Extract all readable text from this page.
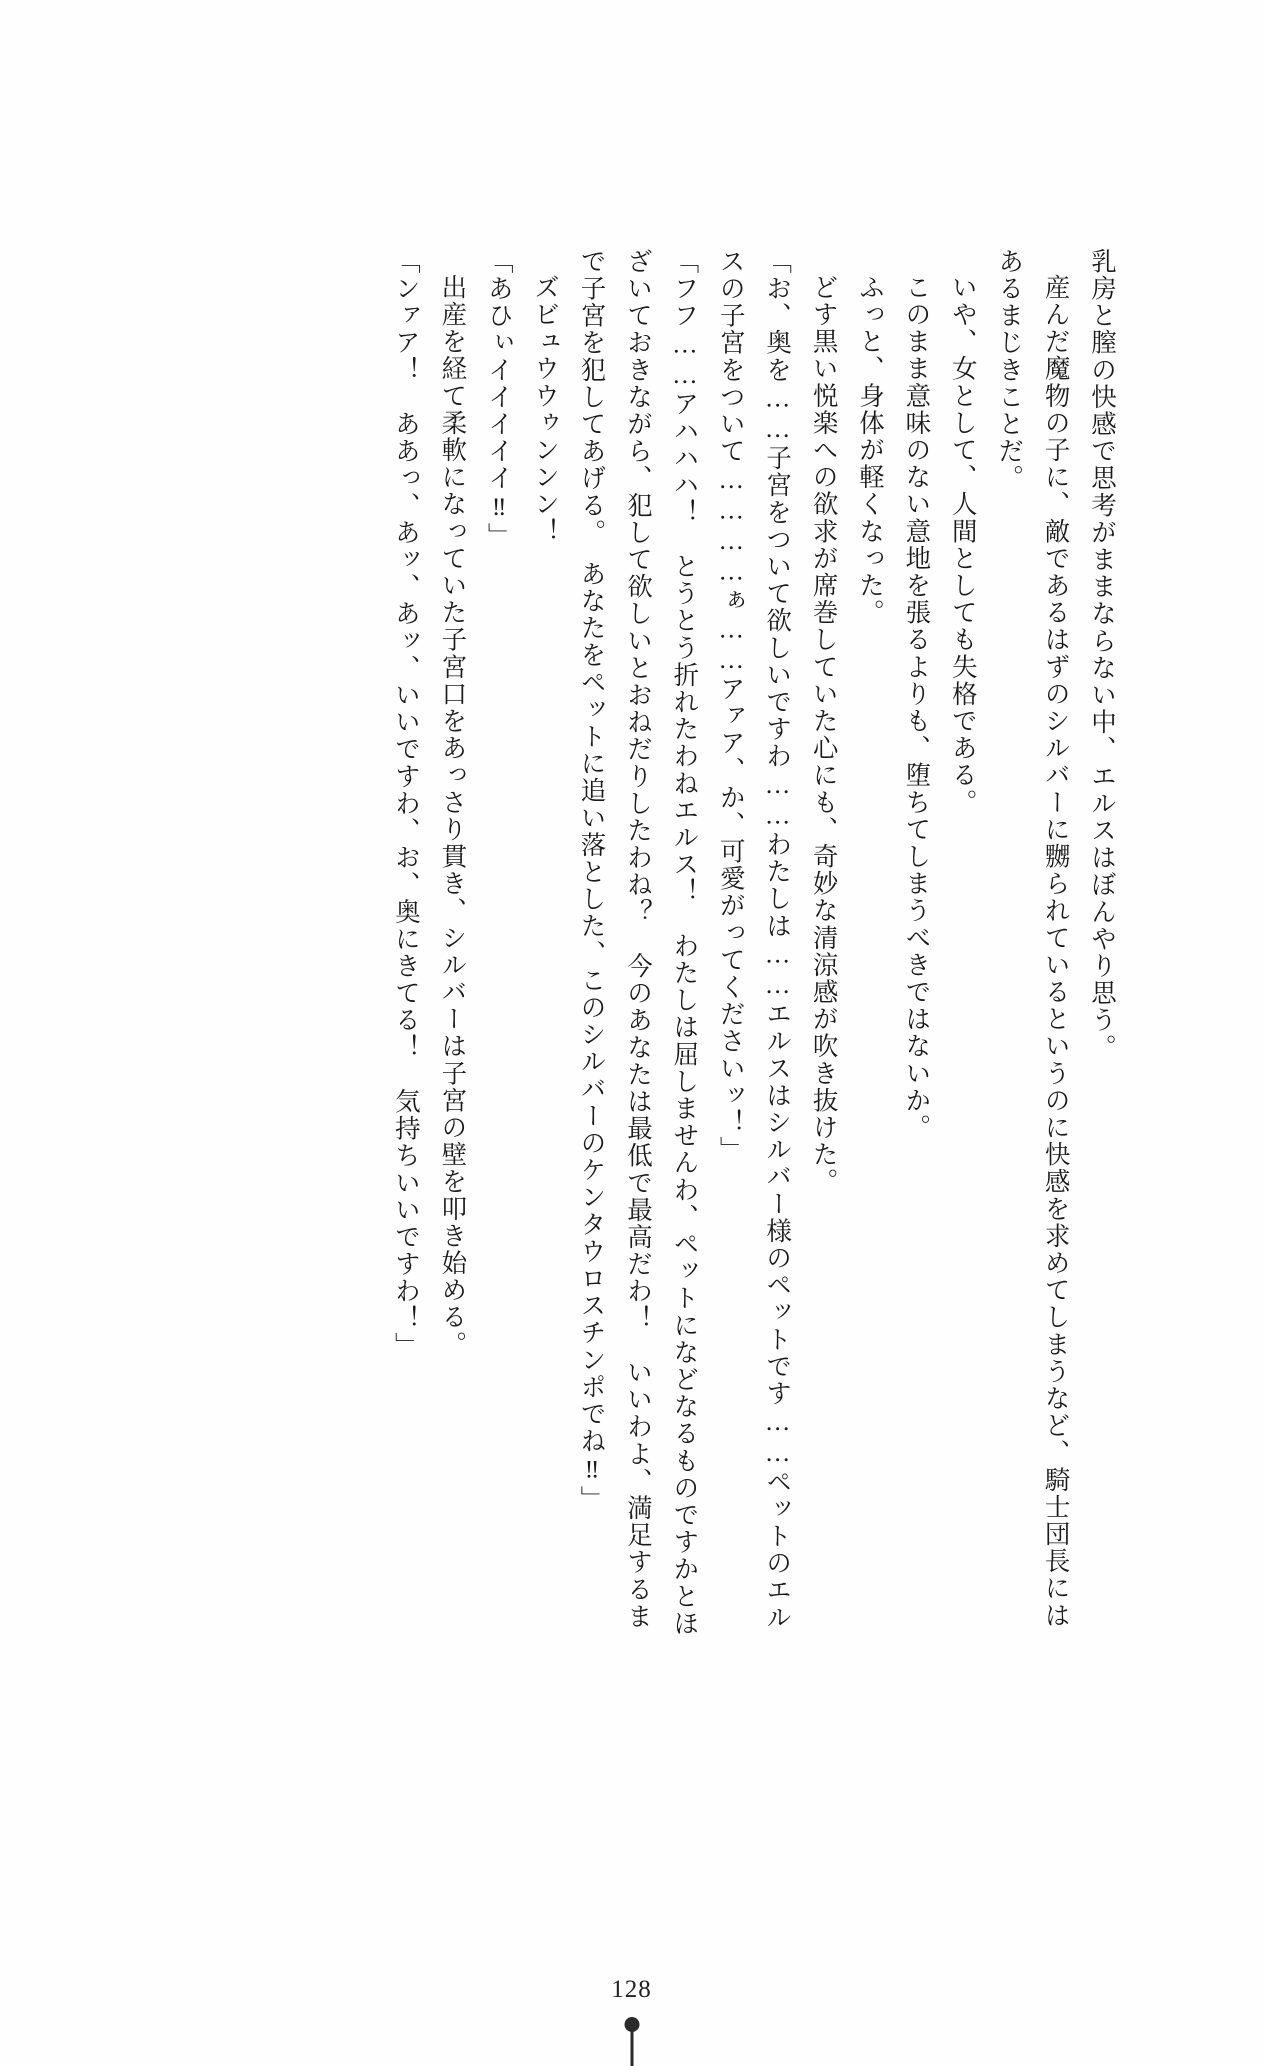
乳房と膣の快感で思考がままならない中、エルスはぼんやり思う。

産んだ魔物の子に、敵であるはずのシルバーに嬲られているというのに快感を求めてしまうなど、騎士団長にはあるまじきことだ。

いや、女として、人間としても失格である。

このまま意味のない意地を張るよりも、堕ちてしまうべきではないか。

ふっと、身体が軽くなった。

どす黒い悦楽への欲求が席巻していた心にも、奇妙な清涼感が吹き抜けた。

「お、奥を……子宮をついて欲しいですわ……わたしは……エルスはシルバー様のペットです……ペットのエルスの子宮をついて…………ぁ……アァア、か、可愛がってくださいッ！」

「フフ……アハハハ！　とうとう折れたわねエルス！　わたしは屈しませんわ、ペットになどなるものですかとほざいておきながら、犯して欲しいとおねだりしたわね？　今のあなたは最低で最高だわ！　いいわよ、満足するまで子宮を犯してあげる。　あなたをペットに追い落とした、このシルバーのケンタウロスチンポでね‼」

ズビュウウゥンンン！

「あひぃイイイイイ‼」

出産を経て柔軟になっていた子宮口をあっさり貫き、シルバーは子宮の壁を叩き始める。

「ンァア！　ああっ、あッ、あッ、いいですわ、お、奥にきてる！　気持ちいいですわ！」

128
